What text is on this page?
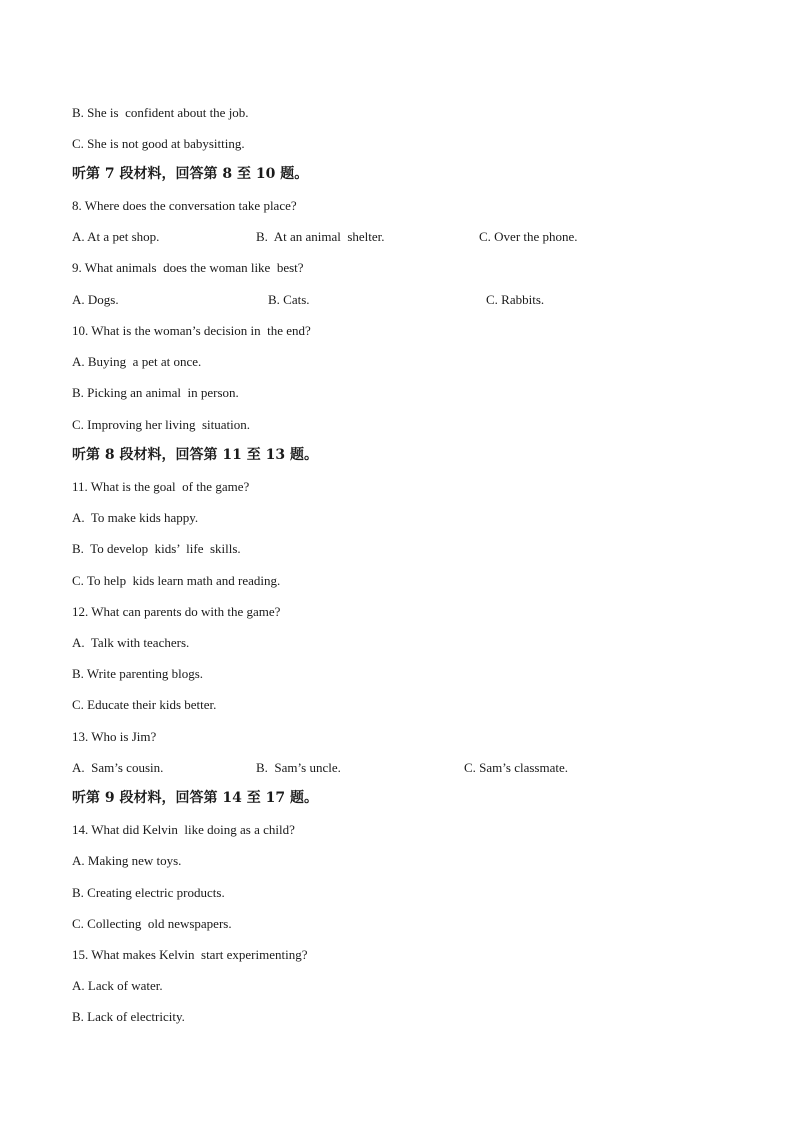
B. She is  confident about the job.
C. She is not good at babysitting.
听第 7 段材料，回答第 8 至 10 题。
8. Where does the conversation take place?
A. At a pet shop.	B.  At an animal  shelter.	C. Over the phone.
9. What animals  does the woman like  best?
A. Dogs.	B. Cats.	C. Rabbits.
10. What is the woman’s decision in  the end?
A. Buying  a pet at once.
B. Picking an animal  in person.
C. Improving her living  situation.
听第 8 段材料，回答第 11 至 13 题。
11. What is the goal  of the game?
A.  To make kids happy.
B.  To develop  kids’  life  skills.
C. To help  kids learn math and reading.
12. What can parents do with the game?
A.  Talk with teachers.
B. Write parenting blogs.
C. Educate their kids better.
13. Who is Jim?
A.  Sam’s cousin.	B.  Sam’s uncle.	C. Sam’s classmate.
听第 9 段材料，回答第 14 至 17 题。
14. What did Kelvin  like doing as a child?
A. Making new toys.
B. Creating electric products.
C. Collecting  old newspapers.
15. What makes Kelvin  start experimenting?
A. Lack of water.
B. Lack of electricity.
